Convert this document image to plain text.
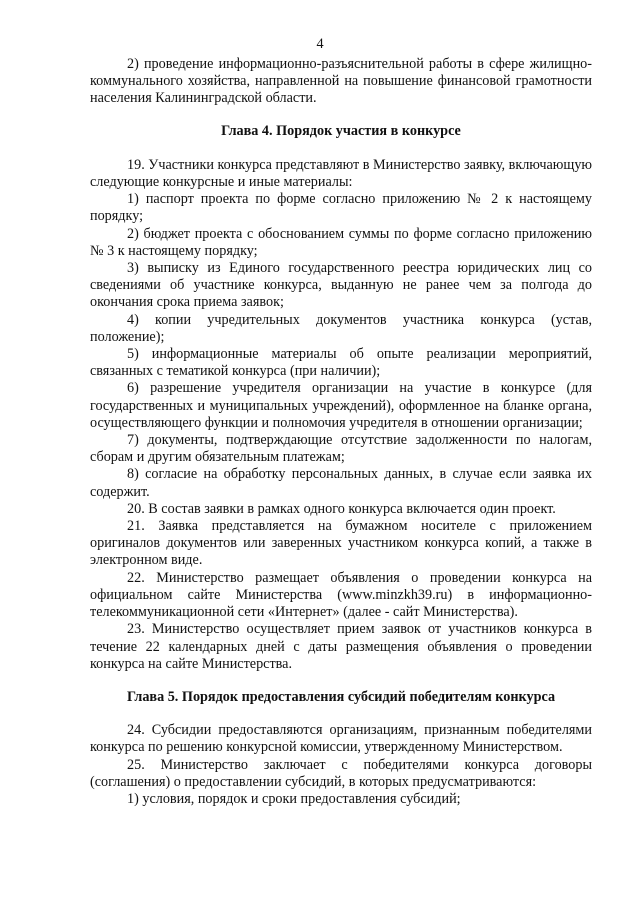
4

2) проведение информационно-разъяснительной работы в сфере жилищно-коммунального хозяйства, направленной на повышение финансовой грамотности населения Калининградской области.

Глава 4. Порядок участия в конкурсе

19. Участники конкурса представляют в Министерство заявку, включающую следующие конкурсные и иные материалы:

1) паспорт проекта по форме согласно приложению № 2 к настоящему порядку;

2) бюджет проекта с обоснованием суммы по форме согласно приложению № 3 к настоящему порядку;

3) выписку из Единого государственного реестра юридических лиц со сведениями об участнике конкурса, выданную не ранее чем за полгода до окончания срока приема заявок;

4) копии учредительных документов участника конкурса (устав, положение);

5) информационные материалы об опыте реализации мероприятий, связанных с тематикой конкурса (при наличии);

6) разрешение учредителя организации на участие в конкурсе (для государственных и муниципальных учреждений), оформленное на бланке органа, осуществляющего функции и полномочия учредителя в отношении организации;

7) документы, подтверждающие отсутствие задолженности по налогам, сборам и другим обязательным платежам;

8) согласие на обработку персональных данных, в случае если заявка их содержит.

20. В состав заявки в рамках одного конкурса включается один проект.

21. Заявка представляется на бумажном носителе с приложением оригиналов документов или заверенных участником конкурса копий, а также в электронном виде.

22. Министерство размещает объявления о проведении конкурса на официальном сайте Министерства (www.minzkh39.ru) в информационно-телекоммуникационной сети «Интернет» (далее - сайт Министерства).

23. Министерство осуществляет прием заявок от участников конкурса в течение 22 календарных дней с даты размещения объявления о проведении конкурса на сайте Министерства.

Глава 5. Порядок предоставления субсидий победителям конкурса

24. Субсидии предоставляются организациям, признанным победителями конкурса по решению конкурсной комиссии, утвержденному Министерством.

25. Министерство заключает с победителями конкурса договоры (соглашения) о предоставлении субсидий, в которых предусматриваются:

1) условия, порядок и сроки предоставления субсидий;
